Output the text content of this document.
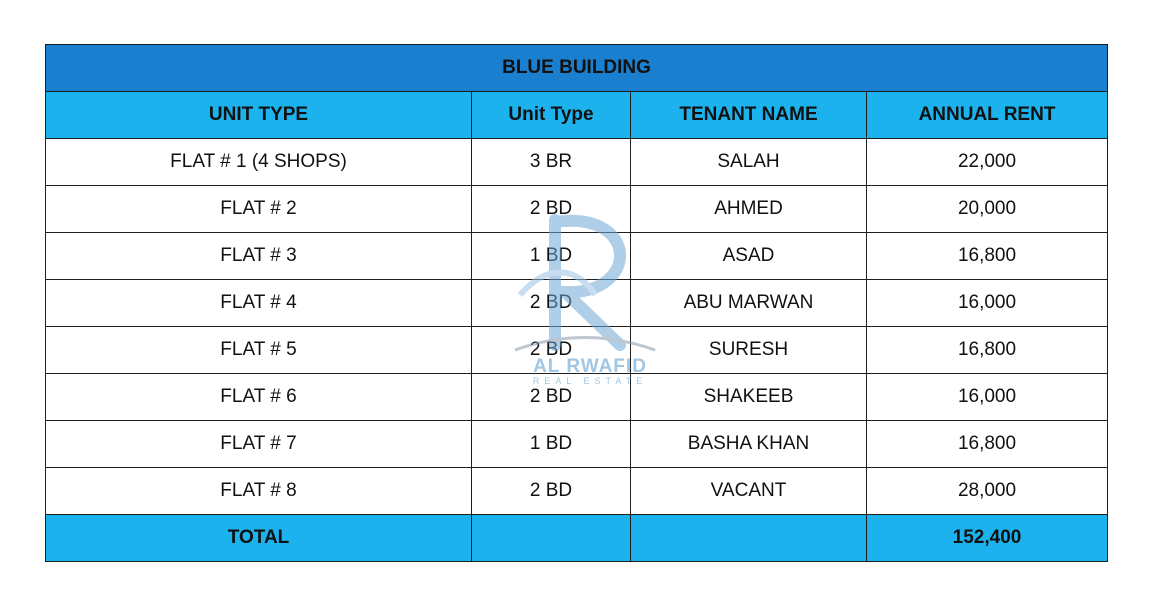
BLUE BUILDING			
UNIT TYPE	Unit Type	TENANT NAME	ANNUAL RENT
FLAT # 1 (4 SHOPS)	3 BR	SALAH	22,000
FLAT # 2	2 BD	AHMED	20,000
FLAT # 3	1 BD	ASAD	16,800
FLAT # 4	2 BD	ABU MARWAN	16,000
FLAT # 5	2 BD	SURESH	16,800
FLAT # 6	2 BD	SHAKEEB	16,000
FLAT # 7	1 BD	BASHA KHAN	16,800
FLAT # 8	2 BD	VACANT	28,000
TOTAL			152,400
AL RWAFID
REAL ESTATE
